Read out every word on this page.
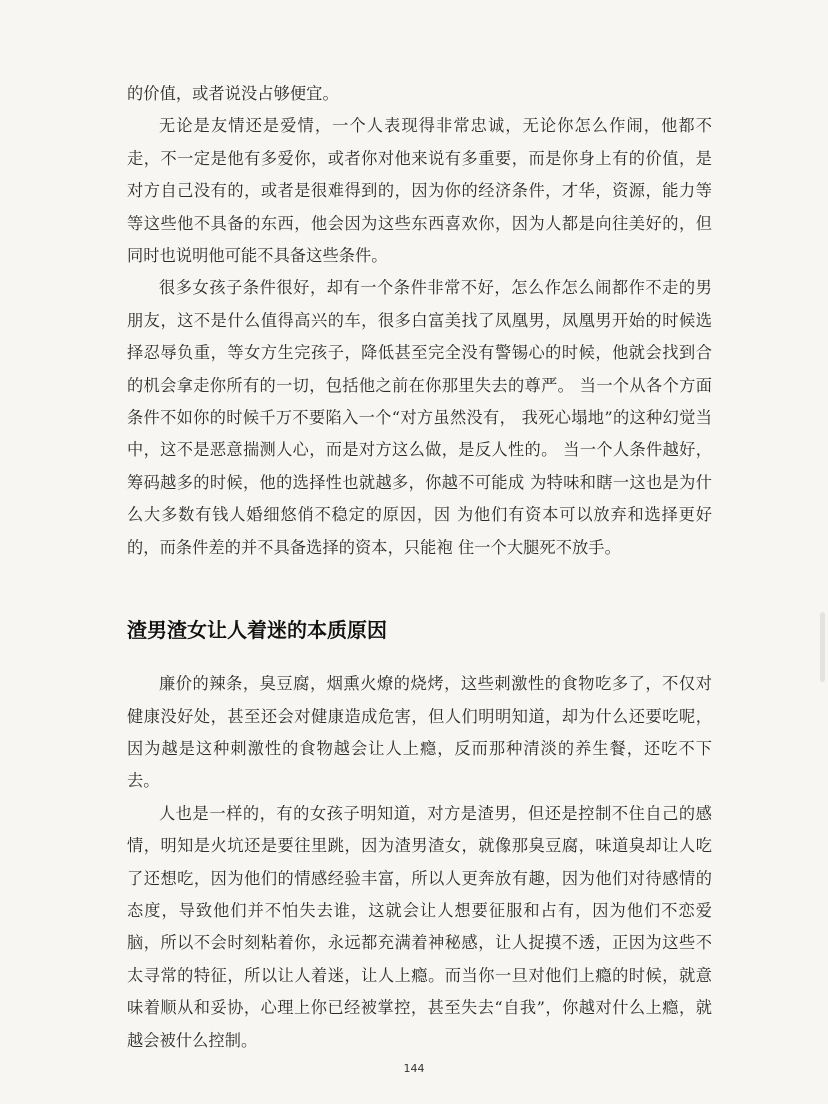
的价值，或者说没占够便宜。

无论是友情还是爱情，一个人表现得非常忠诚，无论你怎么作闹，他都不走，不一定是他有多爱你，或者你对他来说有多重要，而是你身上有的价值，是对方自己没有的，或者是很难得到的，因为你的经济条件，才华，资源，能力等等这些他不具备的东西，他会因为这些东西喜欢你，因为人都是向往美好的，但同时也说明他可能不具备这些条件。

很多女孩子条件很好，却有一个条件非常不好，怎么作怎么闹都作不走的男朋友，这不是什么值得高兴的车，很多白富美找了凤凰男，凤凰男开始的时候选择忍辱负重，等女方生完孩子，降低甚至完全没有警锡心的时候，他就会找到合的机会拿走你所有的一切，包括他之前在你那里失去的尊严。 当一个从各个方面条件不如你的时候千万不要陷入一个“对方虽然没有， 我死心塌地”的这种幻觉当中，这不是恶意揣测人心，而是对方这么做，是反人性的。 当一个人条件越好，筹码越多的时候，他的选择性也就越多，你越不可能成 为特味和瞎一这也是为什么大多数有钱人婚细悠俏不稳定的原因，因 为他们有资本可以放弃和选择更好的，而条件差的并不具备选择的资本，只能袍 住一个大腿死不放手。

渣男渣女让人着迷的本质原因

廉价的辣条，臭豆腐，烟熏火燎的烧烤，这些刺激性的食物吃多了，不仅对健康没好处，甚至还会对健康造成危害，但人们明明知道，却为什么还要吃呢，因为越是这种刺激性的食物越会让人上瘾，反而那种清淡的养生餐，还吃不下去。

人也是一样的，有的女孩子明知道，对方是渣男，但还是控制不住自己的感情，明知是火坑还是要往里跳，因为渣男渣女，就像那臭豆腐，味道臭却让人吃了还想吃，因为他们的情感经验丰富，所以人更奔放有趣，因为他们对待感情的态度，导致他们并不怕失去谁，这就会让人想要征服和占有，因为他们不恋爱脑，所以不会时刻粘着你，永远都充满着神秘感，让人捉摸不透，正因为这些不太寻常的特征，所以让人着迷，让人上瘾。而当你一旦对他们上瘾的时候，就意味着顺从和妥协，心理上你已经被掌控，甚至失去“自我”，你越对什么上瘾，就越会被什么控制。

144
